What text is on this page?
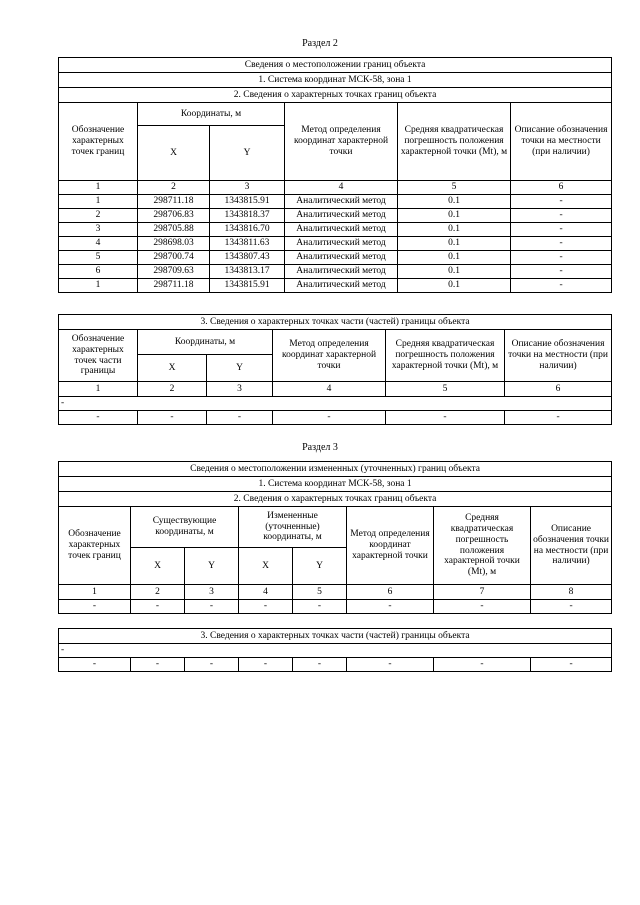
Раздел 2
Сведения о местоположении границ объекта					
1. Система координат МСК-58, зона 1					
2. Сведения о характерных точках границ объекта					
Обозначение характерных точек границ	Координаты, м		Метод определения координат характерной точки	Средняя квадратическая погрешность положения характерной точки (Mt), м	Описание обозначения точки на местности (при наличии)
	X	Y			
1	2	3	4	5	6
1	298711.18	1343815.91	Аналитический метод	0.1	-
2	298706.83	1343818.37	Аналитический метод	0.1	-
3	298705.88	1343816.70	Аналитический метод	0.1	-
4	298698.03	1343811.63	Аналитический метод	0.1	-
5	298700.74	1343807.43	Аналитический метод	0.1	-
6	298709.63	1343813.17	Аналитический метод	0.1	-
1	298711.18	1343815.91	Аналитический метод	0.1	-
3. Сведения о характерных точках части (частей) границы объекта					
Обозначение характерных точек части границы	Координаты, м		Метод определения координат характерной точки	Средняя квадратическая погрешность положения характерной точки (Mt), м	Описание обозначения точки на местности (при наличии)
	X	Y			
1	2	3	4	5	6
-					
-	-	-	-	-	-
Раздел 3
Сведения о местоположении измененных (уточненных) границ объекта							
1. Система координат МСК-58, зона 1							
2. Сведения о характерных точках границ объекта							
Обозначение характерных точек границ	Существующие координаты, м		Измененные (уточненные) координаты, м		Метод определения координат характерной точки	Средняя квадратическая погрешность положения характерной точки (Mt), м	Описание обозначения точки на местности (при наличии)
	X	Y	X	Y			
1	2	3	4	5	6	7	8
-	-	-	-	-	-	-	-
3. Сведения о характерных точках части (частей) границы объекта
-
-	-	-	-	-	-	-	-
